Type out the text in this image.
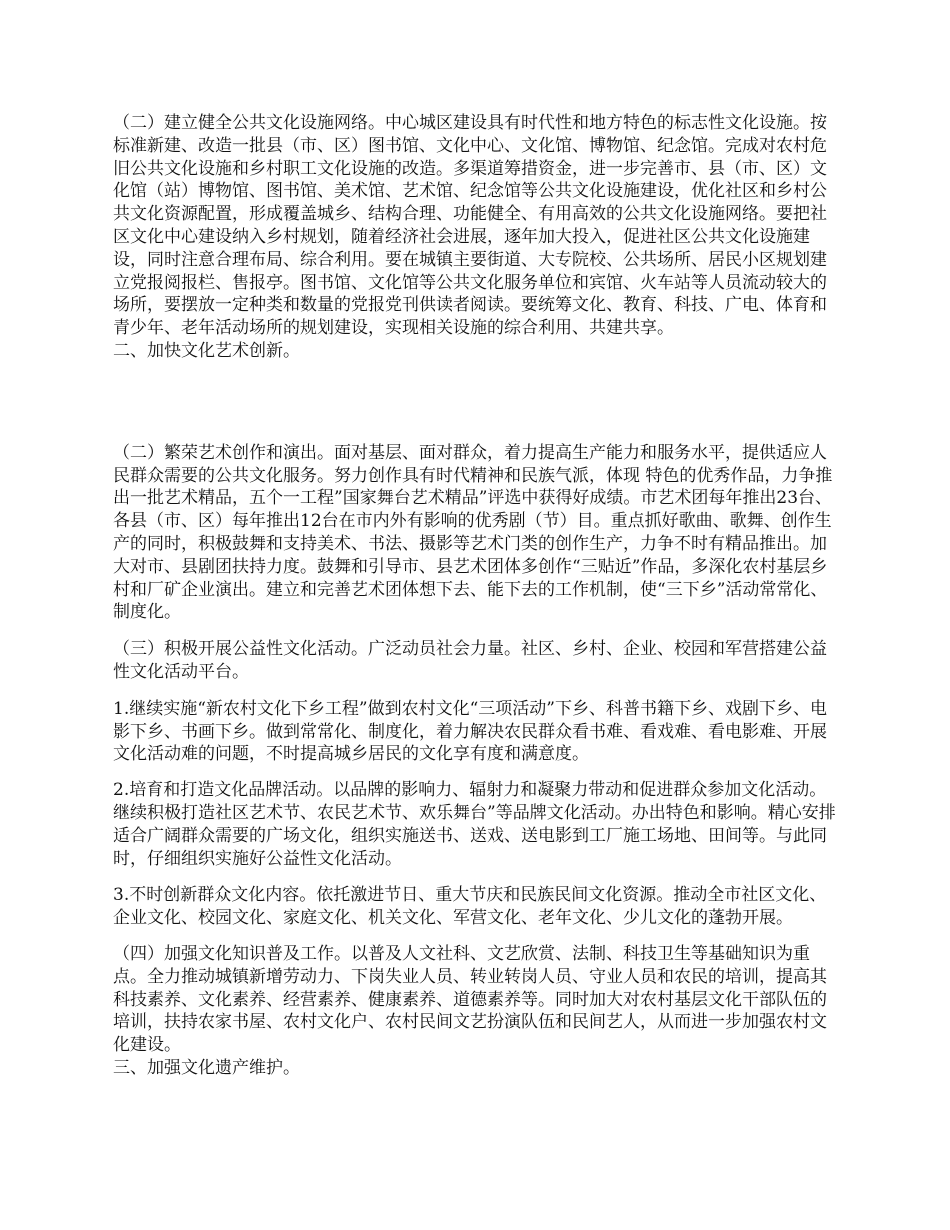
（二）建立健全公共文化设施网络。中心城区建设具有时代性和地方特色的标志性文化设施。按标准新建、改造一批县（市、区）图书馆、文化中心、文化馆、博物馆、纪念馆。完成对农村危旧公共文化设施和乡村职工文化设施的改造。多渠道筹措资金，进一步完善市、县（市、区）文化馆（站）博物馆、图书馆、美术馆、艺术馆、纪念馆等公共文化设施建设，优化社区和乡村公共文化资源配置，形成覆盖城乡、结构合理、功能健全、有用高效的公共文化设施网络。要把社区文化中心建设纳入乡村规划，随着经济社会进展，逐年加大投入，促进社区公共文化设施建设，同时注意合理布局、综合利用。要在城镇主要街道、大专院校、公共场所、居民小区规划建立党报阅报栏、售报亭。图书馆、文化馆等公共文化服务单位和宾馆、火车站等人员流动较大的场所，要摆放一定种类和数量的党报党刊供读者阅读。要统筹文化、教育、科技、广电、体育和青少年、老年活动场所的规划建设，实现相关设施的综合利用、共建共享。

二、加快文化艺术创新。

（二）繁荣艺术创作和演出。面对基层、面对群众，着力提高生产能力和服务水平，提供适应人民群众需要的公共文化服务。努力创作具有时代精神和民族气派，体现 特色的优秀作品，力争推出一批艺术精品，五个一工程”国家舞台艺术精品”评选中获得好成绩。市艺术团每年推出23台、各县（市、区）每年推出12台在市内外有影响的优秀剧（节）目。重点抓好歌曲、歌舞、创作生产的同时，积极鼓舞和支持美术、书法、摄影等艺术门类的创作生产，力争不时有精品推出。加大对市、县剧团扶持力度。鼓舞和引导市、县艺术团体多创作“三贴近”作品，多深化农村基层乡村和厂矿企业演出。建立和完善艺术团体想下去、能下去的工作机制，使“三下乡”活动常常化、制度化。

（三）积极开展公益性文化活动。广泛动员社会力量。社区、乡村、企业、校园和军营搭建公益性文化活动平台。

1.继续实施“新农村文化下乡工程”做到农村文化“三项活动”下乡、科普书籍下乡、戏剧下乡、电影下乡、书画下乡。做到常常化、制度化，着力解决农民群众看书难、看戏难、看电影难、开展文化活动难的问题，不时提高城乡居民的文化享有度和满意度。

2.培育和打造文化品牌活动。以品牌的影响力、辐射力和凝聚力带动和促进群众参加文化活动。继续积极打造社区艺术节、农民艺术节、欢乐舞台”等品牌文化活动。办出特色和影响。精心安排适合广阔群众需要的广场文化，组织实施送书、送戏、送电影到工厂施工场地、田间等。与此同时，仔细组织实施好公益性文化活动。

3.不时创新群众文化内容。依托激进节日、重大节庆和民族民间文化资源。推动全市社区文化、企业文化、校园文化、家庭文化、机关文化、军营文化、老年文化、少儿文化的蓬勃开展。

（四）加强文化知识普及工作。以普及人文社科、文艺欣赏、法制、科技卫生等基础知识为重点。全力推动城镇新增劳动力、下岗失业人员、转业转岗人员、守业人员和农民的培训，提高其科技素养、文化素养、经营素养、健康素养、道德素养等。同时加大对农村基层文化干部队伍的培训，扶持农家书屋、农村文化户、农村民间文艺扮演队伍和民间艺人，从而进一步加强农村文化建设。

三、加强文化遗产维护。
